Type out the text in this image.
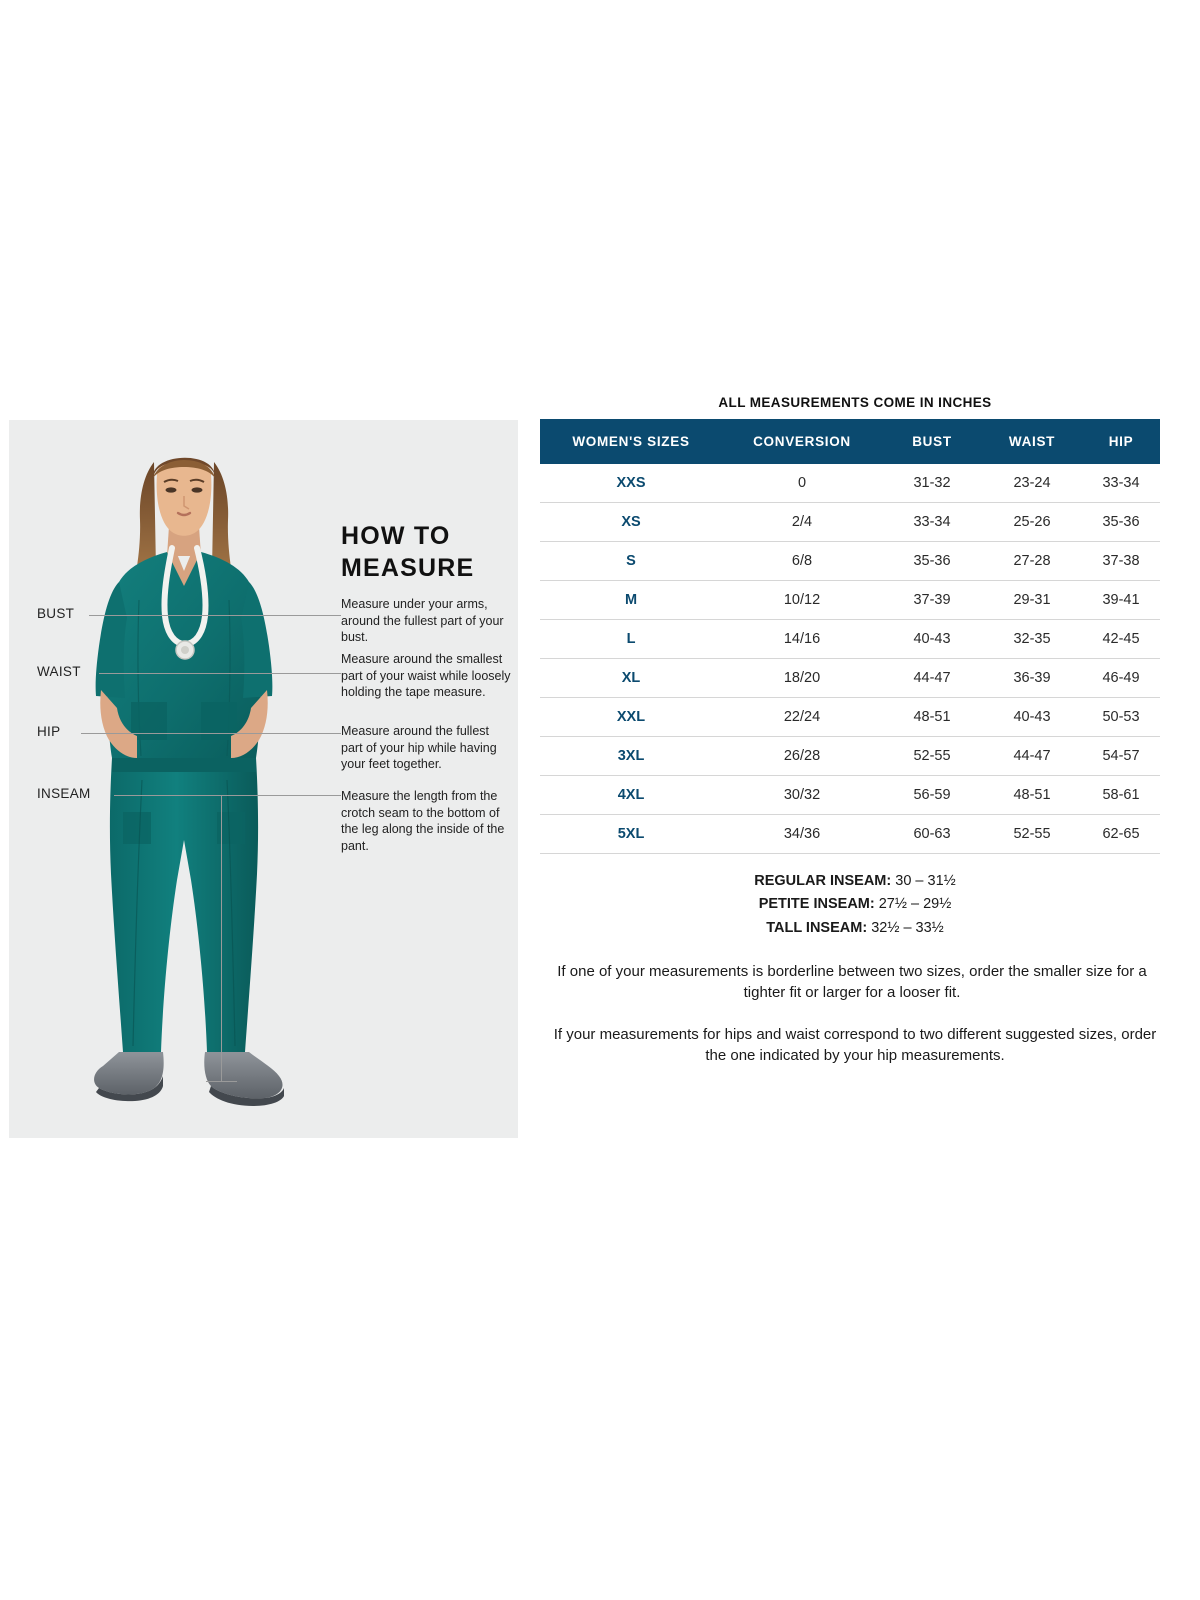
HOW TO
MEASURE
Measure under your arms, around the fullest part of your bust.
Measure around the smallest part of your waist while loosely holding the tape measure.
Measure around the fullest part of your hip while having your feet together.
Measure the length from the crotch seam to the bottom of the leg along the inside of the pant.
BUST
WAIST
HIP
INSEAM
ALL MEASUREMENTS COME IN INCHES
WOMEN'S SIZES	CONVERSION	BUST	WAIST	HIP
XXS	0	31-32	23-24	33-34
XS	2/4	33-34	25-26	35-36
S	6/8	35-36	27-28	37-38
M	10/12	37-39	29-31	39-41
L	14/16	40-43	32-35	42-45
XL	18/20	44-47	36-39	46-49
XXL	22/24	48-51	40-43	50-53
3XL	26/28	52-55	44-47	54-57
4XL	30/32	56-59	48-51	58-61
5XL	34/36	60-63	52-55	62-65
REGULAR INSEAM: 30 – 31½
PETITE INSEAM: 27½ – 29½
TALL INSEAM: 32½ – 33½
If one of your measurements is borderline between two sizes, order the smaller size for a tighter fit or larger for a looser fit.
If your measurements for hips and waist correspond to two different suggested sizes, order the one indicated by your hip measurements.
